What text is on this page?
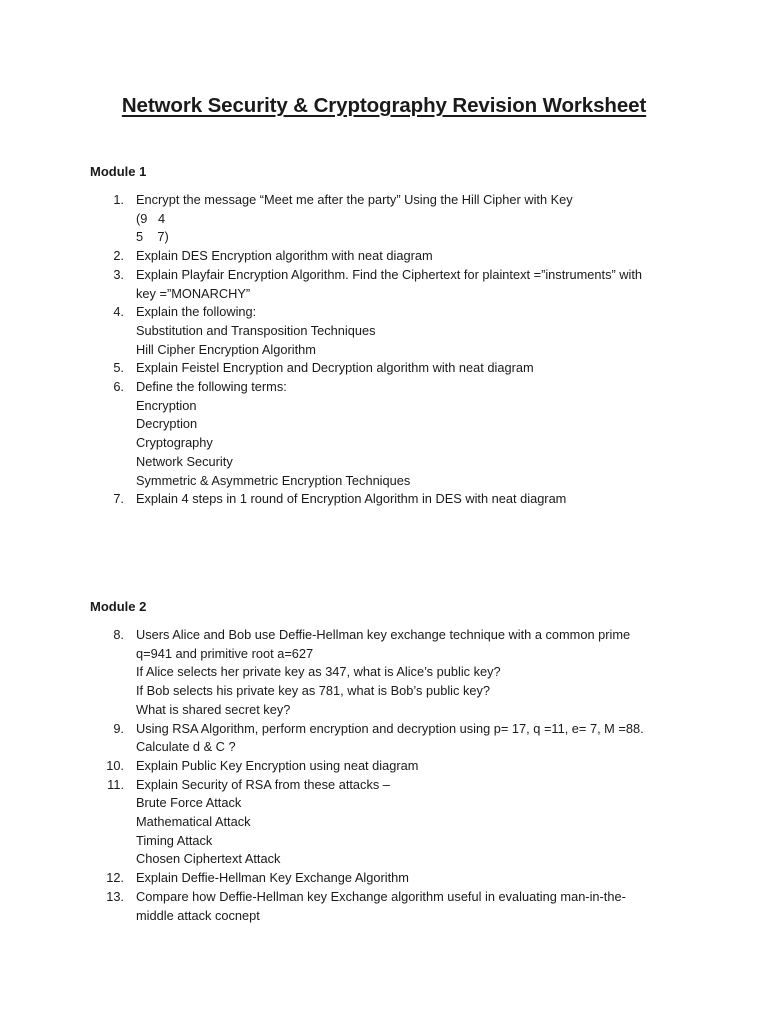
Network Security & Cryptography Revision Worksheet
Module 1
1. Encrypt the message “Meet me after the party” Using the Hill Cipher with Key
(9   4
5    7)
2. Explain DES Encryption algorithm with neat diagram
3. Explain Playfair Encryption Algorithm. Find the Ciphertext for plaintext =”instruments” with
key =”MONARCHY”
4. Explain the following:
Substitution and Transposition Techniques
Hill Cipher Encryption Algorithm
5. Explain Feistel Encryption and Decryption algorithm with neat diagram
6. Define the following terms:
Encryption
Decryption
Cryptography
Network Security
Symmetric & Asymmetric Encryption Techniques
7. Explain 4 steps in 1 round of Encryption Algorithm in DES with neat diagram
Module 2
8. Users Alice and Bob use Deffie-Hellman key exchange technique with a common prime
q=941 and primitive root a=627
If Alice selects her private key as 347, what is Alice’s public key?
If Bob selects his private key as 781, what is Bob’s public key?
What is shared secret key?
9. Using RSA Algorithm, perform encryption and decryption using p= 17, q =11, e= 7, M =88.
Calculate d & C ?
10. Explain Public Key Encryption using neat diagram
11. Explain Security of RSA from these attacks –
Brute Force Attack
Mathematical Attack
Timing Attack
Chosen Ciphertext Attack
12. Explain Deffie-Hellman Key Exchange Algorithm
13. Compare how Deffie-Hellman key Exchange algorithm useful in evaluating man-in-the-
middle attack cocnept
